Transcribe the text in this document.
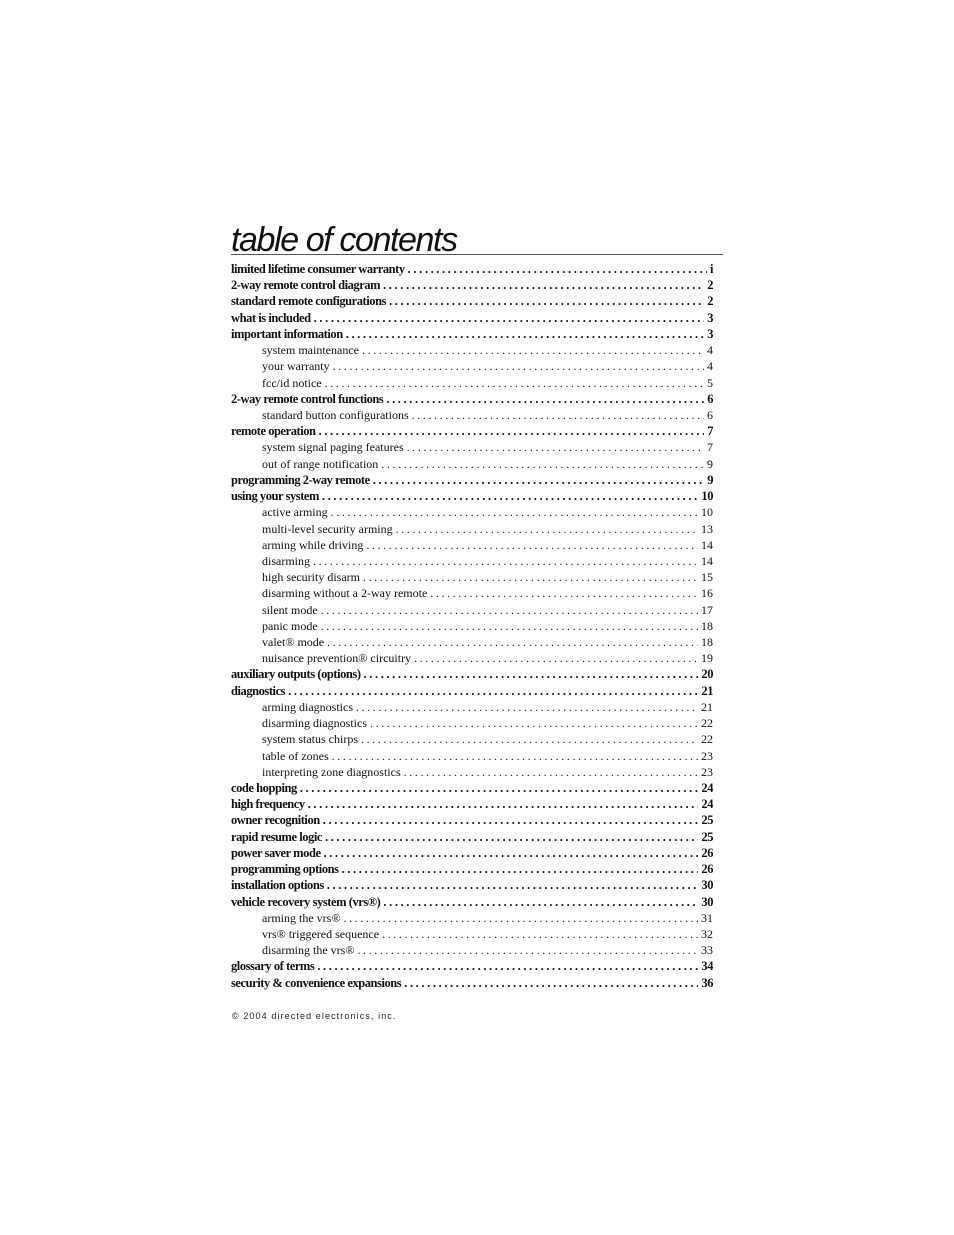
table of contents
limited lifetime consumer warranty .....	i
2-way remote control diagram .....	2
standard remote configurations .....	2
what is included .....	3
important information .....	3
system maintenance .....	4
your warranty .....	4
fcc/id notice .....	5
2-way remote control functions .....	6
standard button configurations .....	6
remote operation .....	7
system signal paging features .....	7
out of range notification .....	9
programming 2-way remote .....	9
using your system .....	10
active arming .....	10
multi-level security arming .....	13
arming while driving .....	14
disarming .....	14
high security disarm .....	15
disarming without a 2-way remote .....	16
silent mode .....	17
panic mode .....	18
valet® mode .....	18
nuisance prevention® circuitry .....	19
auxiliary outputs (options) .....	20
diagnostics .....	21
arming diagnostics .....	21
disarming diagnostics .....	22
system status chirps .....	22
table of zones .....	23
interpreting zone diagnostics .....	23
code hopping .....	24
high frequency .....	24
owner recognition .....	25
rapid resume logic .....	25
power saver mode .....	26
programming options .....	26
installation options .....	30
vehicle recovery system (vrs®) .....	30
arming the vrs® .....	31
vrs® triggered sequence .....	32
disarming the vrs® .....	33
glossary of terms .....	34
security & convenience expansions .....	36

© 2004 directed electronics, inc.
